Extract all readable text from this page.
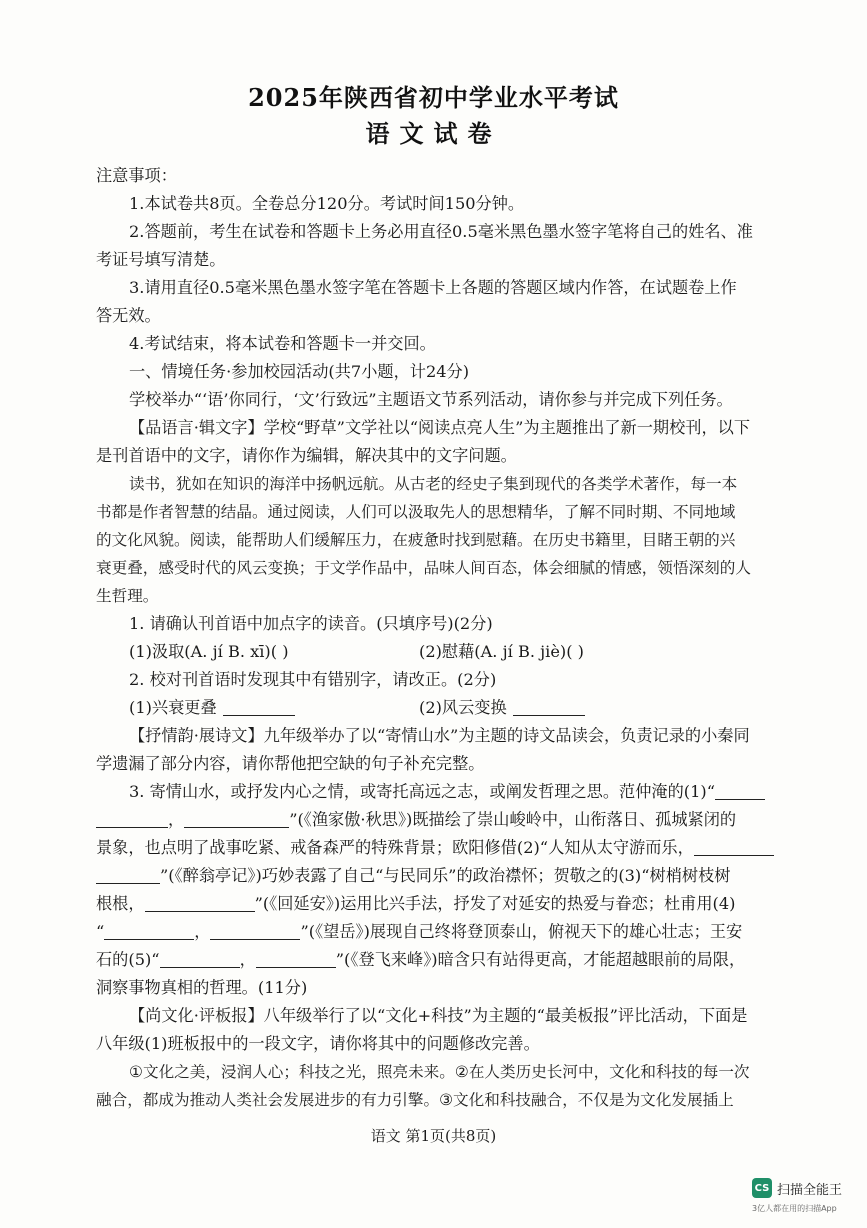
2025年陕西省初中学业水平考试
语文试卷
注意事项：
1.本试卷共8页。全卷总分120分。考试时间150分钟。
2.答题前，考生在试卷和答题卡上务必用直径0.5毫米黑色墨水签字笔将自己的姓名、准
考证号填写清楚。
3.请用直径0.5毫米黑色墨水签字笔在答题卡上各题的答题区域内作答，在试题卷上作
答无效。
4.考试结束，将本试卷和答题卡一并交回。
一、情境任务·参加校园活动(共7小题，计24分)
学校举办“‘语’你同行，‘文’行致远”主题语文节系列活动，请你参与并完成下列任务。
【品语言·辑文字】学校“野草”文学社以“阅读点亮人生”为主题推出了新一期校刊，以下
是刊首语中的文字，请你作为编辑，解决其中的文字问题。
读书，犹如在知识的海洋中扬帆远航。从古老的经史子集到现代的各类学术著作，每一本
书都是作者智慧的结晶。通过阅读，人们可以汲取先人的思想精华，了解不同时期、不同地域
的文化风貌。阅读，能帮助人们缓解压力，在疲惫时找到慰藉。在历史书籍里，目睹王朝的兴
衰更叠，感受时代的风云变换；于文学作品中，品味人间百态，体会细腻的情感，领悟深刻的人
生哲理。
1. 请确认刊首语中加点字的读音。(只填序号)(2分)
(1)汲取(A. jí B. xī)( )	(2)慰藉(A. jí B. jiè)( )
2. 校对刊首语时发现其中有错别字，请改正。(2分)
(1)兴衰更叠	(2)风云变换
【抒情韵·展诗文】九年级举办了以“寄情山水”为主题的诗文品读会，负责记录的小秦同
学遗漏了部分内容，请你帮他把空缺的句子补充完整。
3. 寄情山水，或抒发内心之情，或寄托高远之志，或阐发哲理之思。范仲淹的(1)“
，	”(《渔家傲·秋思》)既描绘了崇山峻岭中，山衔落日、孤城紧闭的
景象，也点明了战事吃紧、戒备森严的特殊背景；欧阳修借(2)“人知从太守游而乐，
”(《醉翁亭记》)巧妙表露了自己“与民同乐”的政治襟怀；贺敬之的(3)“树梢树枝树
根根，	”(《回延安》)运用比兴手法，抒发了对延安的热爱与眷恋；杜甫用(4)
“	，	”(《望岳》)展现自己终将登顶泰山，俯视天下的雄心壮志；王安
石的(5)“	，	”(《登飞来峰》)暗含只有站得更高，才能超越眼前的局限，
洞察事物真相的哲理。(11分)
【尚文化·评板报】八年级举行了以“文化+科技”为主题的“最美板报”评比活动，下面是
八年级(1)班板报中的一段文字，请你将其中的问题修改完善。
①文化之美，浸润人心；科技之光，照亮未来。②在人类历史长河中，文化和科技的每一次
融合，都成为推动人类社会发展进步的有力引擎。③文化和科技融合，不仅是为文化发展插上
语文 第1页(共8页)
CS 扫描全能王
3亿人都在用的扫描App
